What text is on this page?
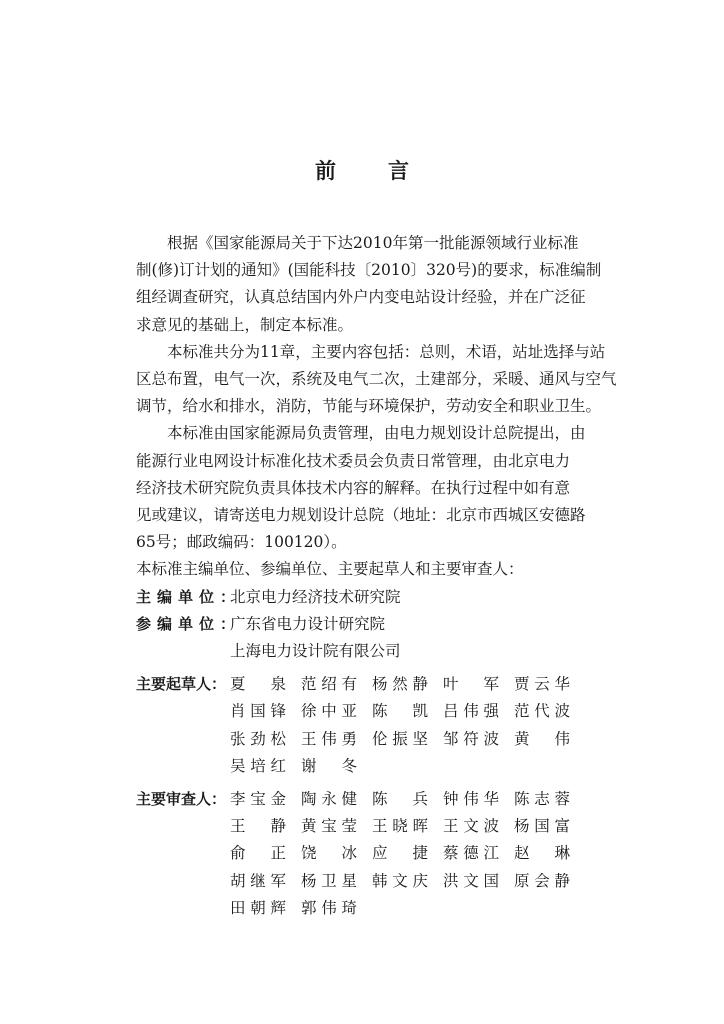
前言

根据《国家能源局关于下达2010年第一批能源领域行业标准
制(修)订计划的通知》(国能科技〔2010〕320号)的要求，标准编制
组经调查研究，认真总结国内外户内变电站设计经验，并在广泛征
求意见的基础上，制定本标准。

本标准共分为11章，主要内容包括：总则，术语，站址选择与站
区总布置，电气一次，系统及电气二次，土建部分，采暖、通风与空气
调节，给水和排水，消防，节能与环境保护，劳动安全和职业卫生。

本标准由国家能源局负责管理，由电力规划设计总院提出，由
能源行业电网设计标准化技术委员会负责日常管理，由北京电力
经济技术研究院负责具体技术内容的解释。在执行过程中如有意
见或建议，请寄送电力规划设计总院（地址：北京市西城区安德路
65号；邮政编码：100120）。

本标准主编单位、参编单位、主要起草人和主要审查人：

主编单位：
北京电力经济技术研究院
参编单位：
广东省电力设计研究院
上海电力设计院有限公司
主要起草人： 夏泉 范绍有 杨然静 叶军 贾云华
肖国锋 徐中亚 陈凯 吕伟强 范代波
张劲松 王伟勇 伦振坚 邹符波 黄伟
吴培红 谢冬
主要审查人： 李宝金 陶永健 陈兵 钟伟华 陈志蓉
王静 黄宝莹 王晓晖 王文波 杨国富
俞正 饶冰 应捷 蔡德江 赵琳
胡继军 杨卫星 韩文庆 洪文国 原会静
田朝辉 郭伟琦
